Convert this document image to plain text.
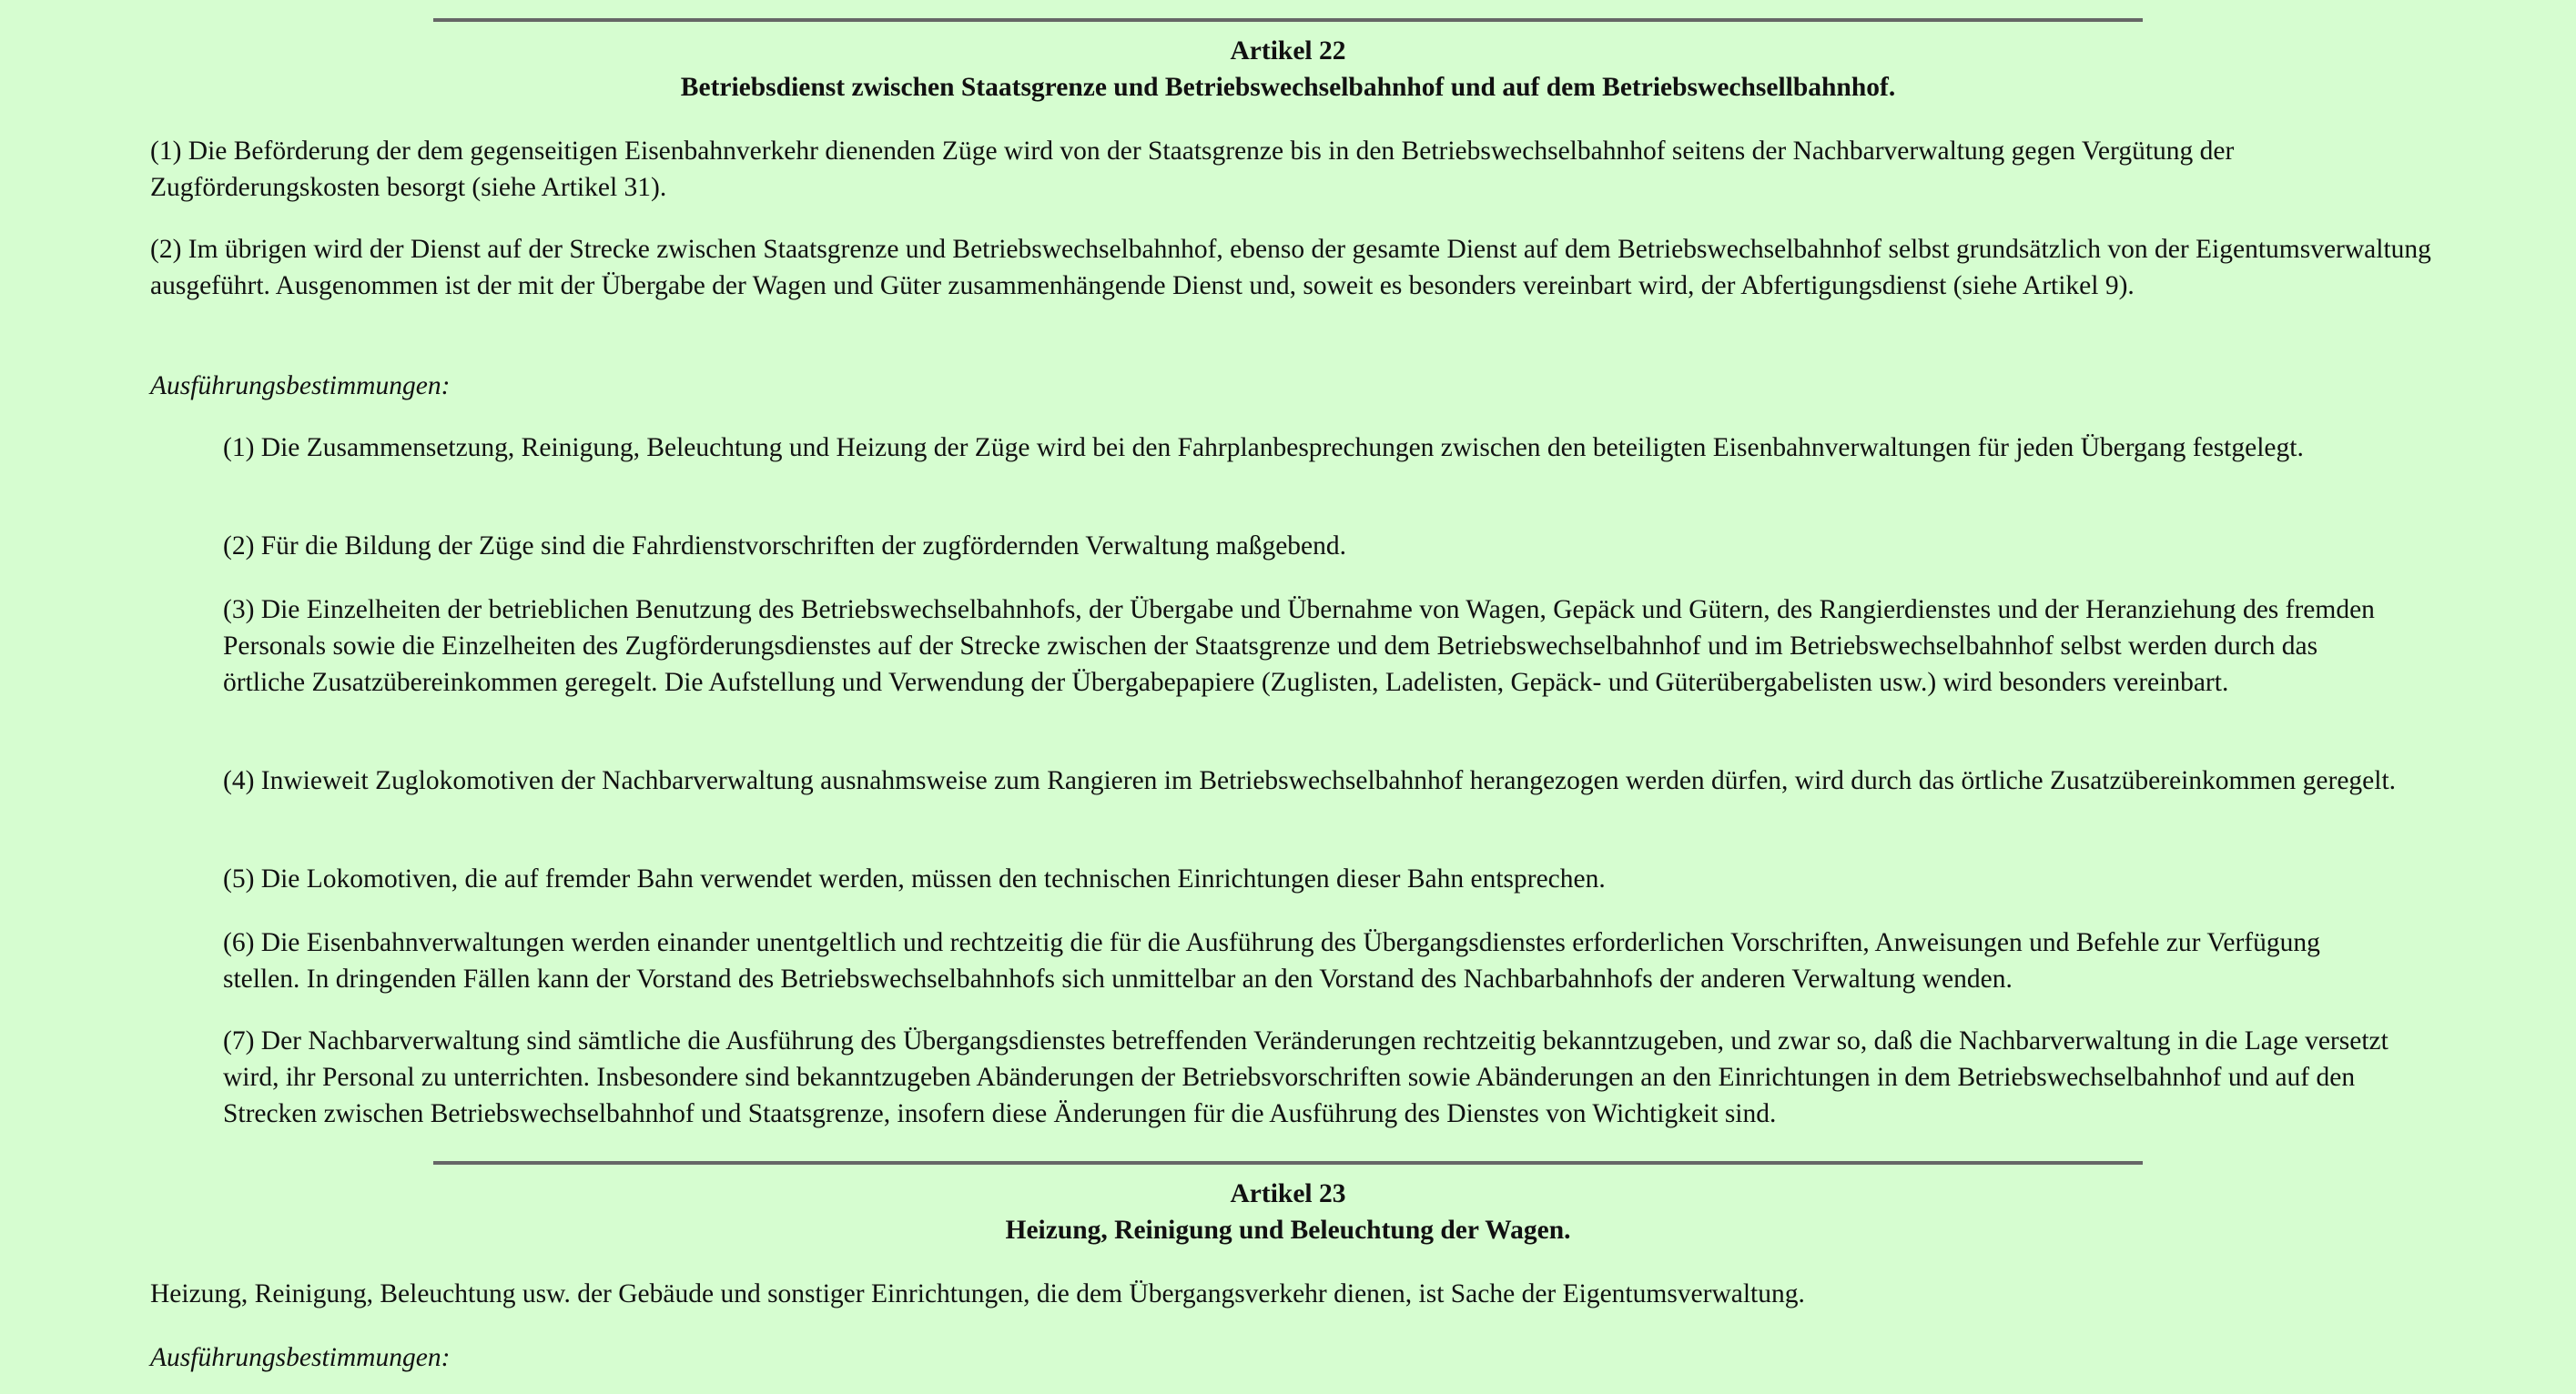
Artikel 22
Betriebsdienst zwischen Staatsgrenze und Betriebswechselbahnhof und auf dem Betriebswechsellbahnhof.

(1) Die Beförderung der dem gegenseitigen Eisenbahnverkehr dienenden Züge wird von der Staatsgrenze bis in den Betriebswechselbahnhof seitens der Nachbarverwaltung gegen Vergütung der Zugförderungskosten besorgt (siehe Artikel 31).

(2) Im übrigen wird der Dienst auf der Strecke zwischen Staatsgrenze und Betriebswechselbahnhof, ebenso der gesamte Dienst auf dem Betriebswechselbahnhof selbst grundsätzlich von der Eigentumsverwaltung ausgeführt. Ausgenommen ist der mit der Übergabe der Wagen und Güter zusammenhängende Dienst und, soweit es besonders vereinbart wird, der Abfertigungsdienst (siehe Artikel 9).

Ausführungsbestimmungen:

(1) Die Zusammensetzung, Reinigung, Beleuchtung und Heizung der Züge wird bei den Fahrplanbesprechungen zwischen den beteiligten Eisenbahnverwaltungen für jeden Übergang festgelegt.

(2) Für die Bildung der Züge sind die Fahrdienstvorschriften der zugfördernden Verwaltung maßgebend.

(3) Die Einzelheiten der betrieblichen Benutzung des Betriebswechselbahnhofs, der Übergabe und Übernahme von Wagen, Gepäck und Gütern, des Rangierdienstes und der Heranziehung des fremden Personals sowie die Einzelheiten des Zugförderungsdienstes auf der Strecke zwischen der Staatsgrenze und dem Betriebswechselbahnhof und im Betriebswechselbahnhof selbst werden durch das örtliche Zusatzübereinkommen geregelt. Die Aufstellung und Verwendung der Übergabepapiere (Zuglisten, Ladelisten, Gepäck- und Güterübergabelisten usw.) wird besonders vereinbart.

(4) Inwieweit Zuglokomotiven der Nachbarverwaltung ausnahmsweise zum Rangieren im Betriebswechselbahnhof herangezogen werden dürfen, wird durch das örtliche Zusatzübereinkommen geregelt.

(5) Die Lokomotiven, die auf fremder Bahn verwendet werden, müssen den technischen Einrichtungen dieser Bahn entsprechen.

(6) Die Eisenbahnverwaltungen werden einander unentgeltlich und rechtzeitig die für die Ausführung des Übergangsdienstes erforderlichen Vorschriften, Anweisungen und Befehle zur Verfügung stellen. In dringenden Fällen kann der Vorstand des Betriebswechselbahnhofs sich unmittelbar an den Vorstand des Nachbarbahnhofs der anderen Verwaltung wenden.

(7) Der Nachbarverwaltung sind sämtliche die Ausführung des Übergangsdienstes betreffenden Veränderungen rechtzeitig bekanntzugeben, und zwar so, daß die Nachbarverwaltung in die Lage versetzt wird, ihr Personal zu unterrichten. Insbesondere sind bekanntzugeben Abänderungen der Betriebsvorschriften sowie Abänderungen an den Einrichtungen in dem Betriebswechselbahnhof und auf den Strecken zwischen Betriebswechselbahnhof und Staatsgrenze, insofern diese Änderungen für die Ausführung des Dienstes von Wichtigkeit sind.

Artikel 23
Heizung, Reinigung und Beleuchtung der Wagen.

Heizung, Reinigung, Beleuchtung usw. der Gebäude und sonstiger Einrichtungen, die dem Übergangsverkehr dienen, ist Sache der Eigentumsverwaltung.

Ausführungsbestimmungen:
